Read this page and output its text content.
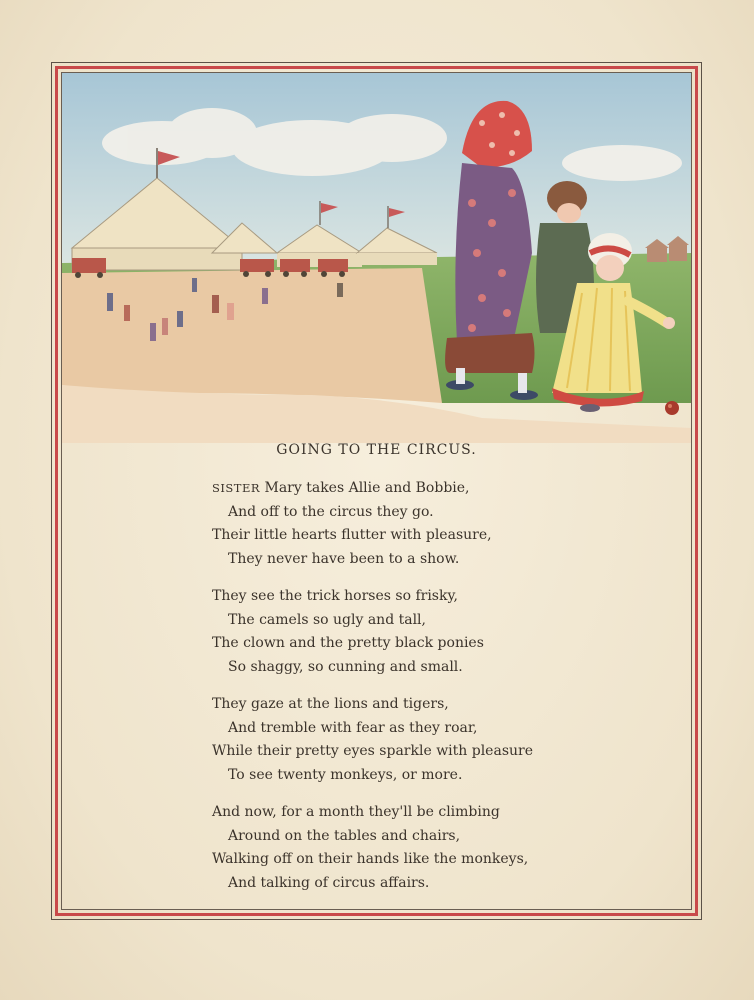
GOING TO THE CIRCUS.
SISTER Mary takes Allie and Bobbie,
And off to the circus they go.
Their little hearts flutter with pleasure,
They never have been to a show.
They see the trick horses so frisky,
The camels so ugly and tall,
The clown and the pretty black ponies
So shaggy, so cunning and small.
They gaze at the lions and tigers,
And tremble with fear as they roar,
While their pretty eyes sparkle with pleasure
To see twenty monkeys, or more.
And now, for a month they'll be climbing
Around on the tables and chairs,
Walking off on their hands like the monkeys,
And talking of circus affairs.
